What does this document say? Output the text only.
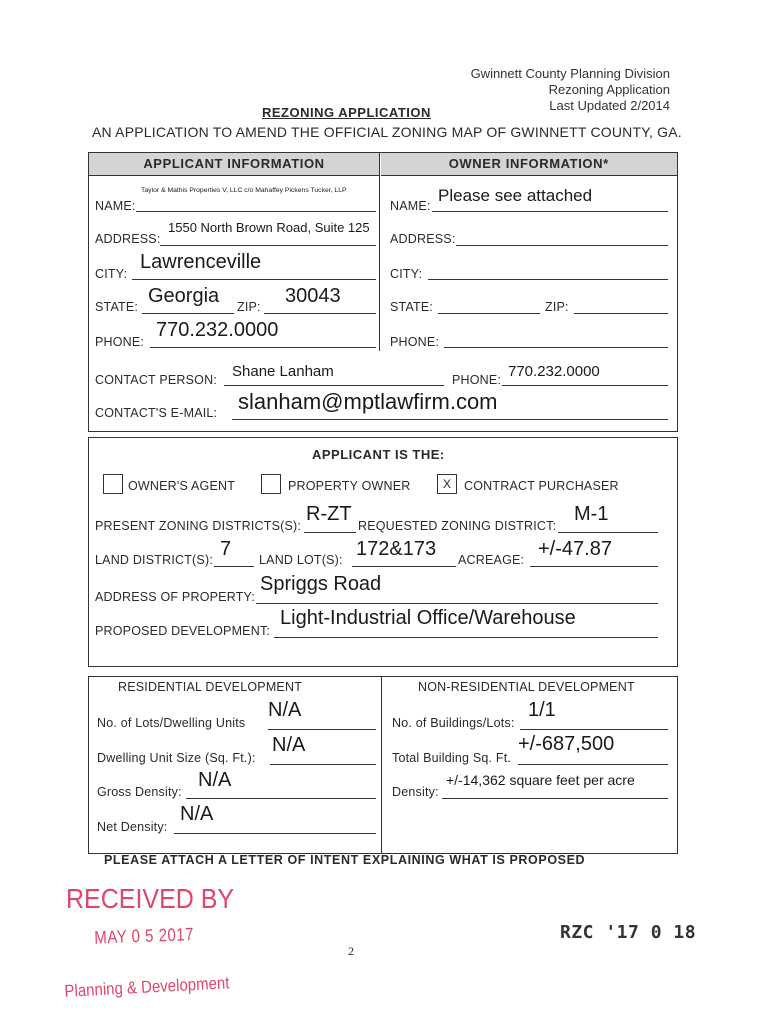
Gwinnett County Planning Division
Rezoning Application
Last Updated 2/2014
REZONING APPLICATION
AN APPLICATION TO AMEND THE OFFICIAL ZONING MAP OF GWINNETT COUNTY, GA.
APPLICANT INFORMATION	OWNER INFORMATION*
NAME:
Taylor & Mathis Properties V, LLC c/o Mahaffey Pickens Tucker, LLP
ADDRESS:
1550 North Brown Road, Suite 125
CITY:
Lawrenceville
STATE: Georgia ZIP: 30043
PHONE:
770.232.0000
NAME:
Please see attached
ADDRESS:
CITY:
STATE:	ZIP:
PHONE:
CONTACT PERSON: Shane Lanham	PHONE: 770.232.0000
CONTACT'S E-MAIL: slanham@mptlawfirm.com
APPLICANT IS THE:
OWNER'S AGENT	PROPERTY OWNER	X	CONTRACT PURCHASER
PRESENT ZONING DISTRICTS(S):
R-ZT
REQUESTED ZONING DISTRICT:
M-1
LAND DISTRICT(S): 7 LAND LOT(S): 172&173 ACREAGE: +/-47.87
ADDRESS OF PROPERTY:
Spriggs Road
PROPOSED DEVELOPMENT:
Light-Industrial Office/Warehouse
RESIDENTIAL DEVELOPMENT	NON-RESIDENTIAL DEVELOPMENT
No. of Lots/Dwelling Units
N/A
Dwelling Unit Size (Sq. Ft.):
N/A
Gross Density:
N/A
Net Density:
N/A
No. of Buildings/Lots:
1/1
Total Building Sq. Ft.
+/-687,500
Density:
+/-14,362 square feet per acre
PLEASE ATTACH A LETTER OF INTENT EXPLAINING WHAT IS PROPOSED
RECEIVED BY
MAY 0 5 2017
Planning & Development
2
RZC '17 0 18
